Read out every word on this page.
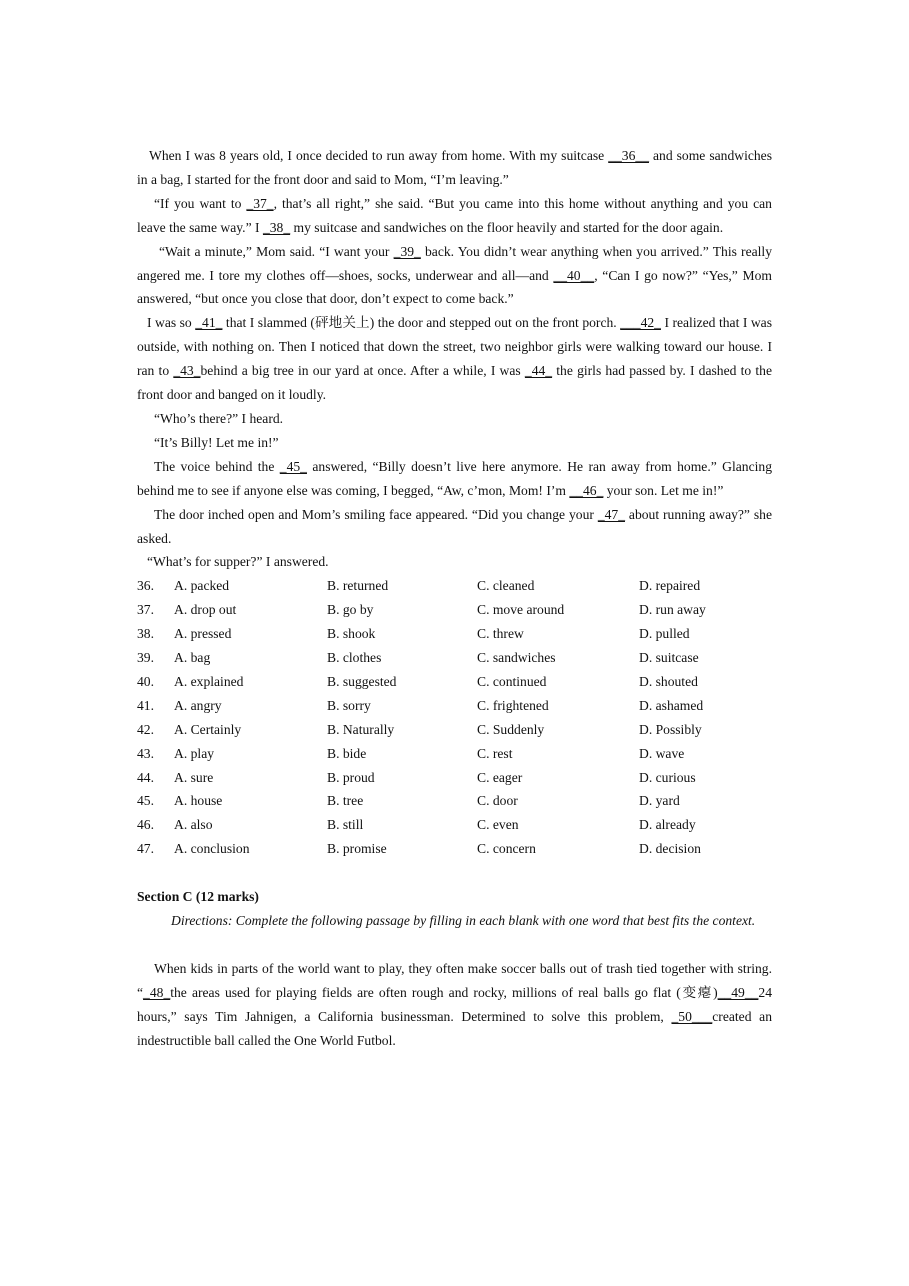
When I was 8 years old, I once decided to run away from home. With my suitcase __36__ and some sandwiches in a bag, I started for the front door and said to Mom, “I’m leaving.”

“If you want to _37_, that’s all right,” she said. “But you came into this home without anything and you can leave the same way.” I _38_ my suitcase and sandwiches on the floor heavily and started for the door again.

“Wait a minute,” Mom said. “I want your _39_ back. You didn’t wear anything when you arrived.” This really angered me. I tore my clothes off—shoes, socks, underwear and all—and __40__, “Can I go now?” “Yes,” Mom answered, “but once you close that door, don’t expect to come back.”

I was so _41_ that I slammed (砰地关上) the door and stepped out on the front porch. ___42_ I realized that I was outside, with nothing on. Then I noticed that down the street, two neighbor girls were walking toward our house. I ran to _43_behind a big tree in our yard at once. After a while, I was _44_ the girls had passed by. I dashed to the front door and banged on it loudly.

“Who’s there?” I heard.

“It’s Billy! Let me in!”

The voice behind the _45_ answered, “Billy doesn’t live here anymore. He ran away from home.” Glancing behind me to see if anyone else was coming, I begged, “Aw, c’mon, Mom! I’m __46_ your son. Let me in!”

The door inched open and Mom’s smiling face appeared. “Did you change your _47_ about running away?” she asked.

“What’s for supper?” I answered.

36.	A. packed	B. returned	C. cleaned	D. repaired
37.	A. drop out	B. go by	C. move around	D. run away
38.	A. pressed	B. shook	C. threw	D. pulled
39.	A. bag	B. clothes	C. sandwiches	D. suitcase
40.	A. explained	B. suggested	C. continued	D. shouted
41.	A. angry	B. sorry	C. frightened	D. ashamed
42.	A. Certainly	B. Naturally	C. Suddenly	D. Possibly
43.	A. play	B. bide	C. rest	D. wave
44.	A. sure	B. proud	C. eager	D. curious
45.	A. house	B. tree	C. door	D. yard
46.	A. also	B. still	C. even	D. already
47.	A. conclusion	B. promise	C. concern	D. decision
Section C (12 marks)

Directions: Complete the following passage by filling in each blank with one word that best fits the context.

When kids in parts of the world want to play, they often make soccer balls out of trash tied together with string. “_48_the areas used for playing fields are often rough and rocky, millions of real balls go flat (变瘪)__49__24 hours,” says Tim Jahnigen, a California businessman. Determined to solve this problem, _50___created an indestructible ball called the One World Futbol.
